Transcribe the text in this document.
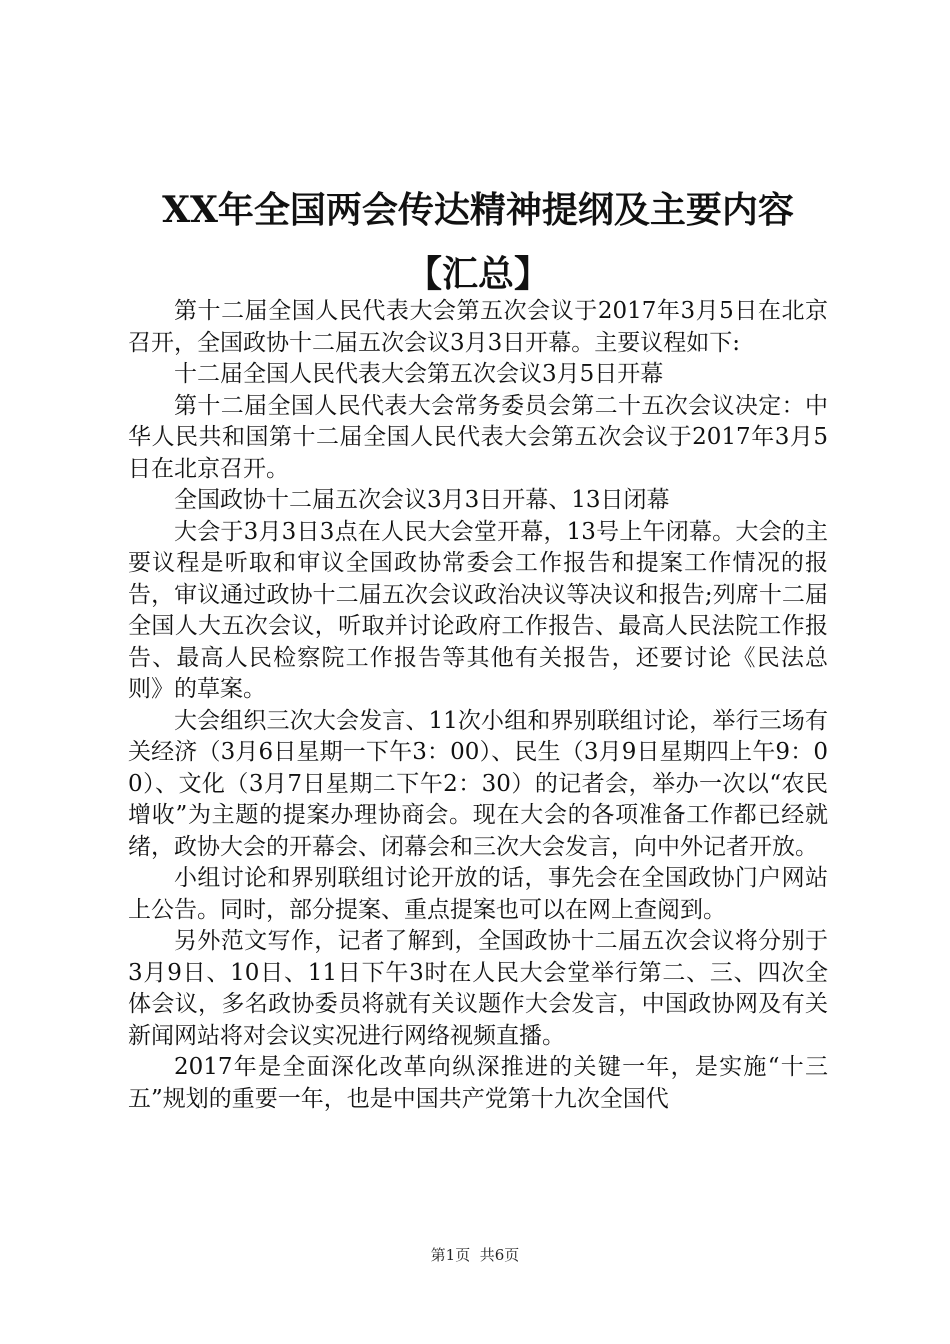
XX年全国两会传达精神提纲及主要内容【汇总】

第十二届全国人民代表大会第五次会议于2017年3月5日在北京召开，全国政协十二届五次会议3月3日开幕。主要议程如下:

十二届全国人民代表大会第五次会议3月5日开幕

第十二届全国人民代表大会常务委员会第二十五次会议决定：中华人民共和国第十二届全国人民代表大会第五次会议于2017年3月5日在北京召开。

全国政协十二届五次会议3月3日开幕、13日闭幕

大会于3月3日3点在人民大会堂开幕，13号上午闭幕。大会的主要议程是听取和审议全国政协常委会工作报告和提案工作情况的报告，审议通过政协十二届五次会议政治决议等决议和报告;列席十二届全国人大五次会议，听取并讨论政府工作报告、最高人民法院工作报告、最高人民检察院工作报告等其他有关报告，还要讨论《民法总则》的草案。

大会组织三次大会发言、11次小组和界别联组讨论，举行三场有关经济（3月6日星期一下午3：00）、民生（3月9日星期四上午9：00）、文化（3月7日星期二下午2：30）的记者会，举办一次以“农民增收”为主题的提案办理协商会。现在大会的各项准备工作都已经就绪，政协大会的开幕会、闭幕会和三次大会发言，向中外记者开放。

小组讨论和界别联组讨论开放的话，事先会在全国政协门户网站上公告。同时，部分提案、重点提案也可以在网上查阅到。

另外范文写作，记者了解到，全国政协十二届五次会议将分别于3月9日、10日、11日下午3时在人民大会堂举行第二、三、四次全体会议，多名政协委员将就有关议题作大会发言，中国政协网及有关新闻网站将对会议实况进行网络视频直播。

2017年是全面深化改革向纵深推进的关键一年，是实施“十三五”规划的重要一年，也是中国共产党第十九次全国代

第1页 共6页
